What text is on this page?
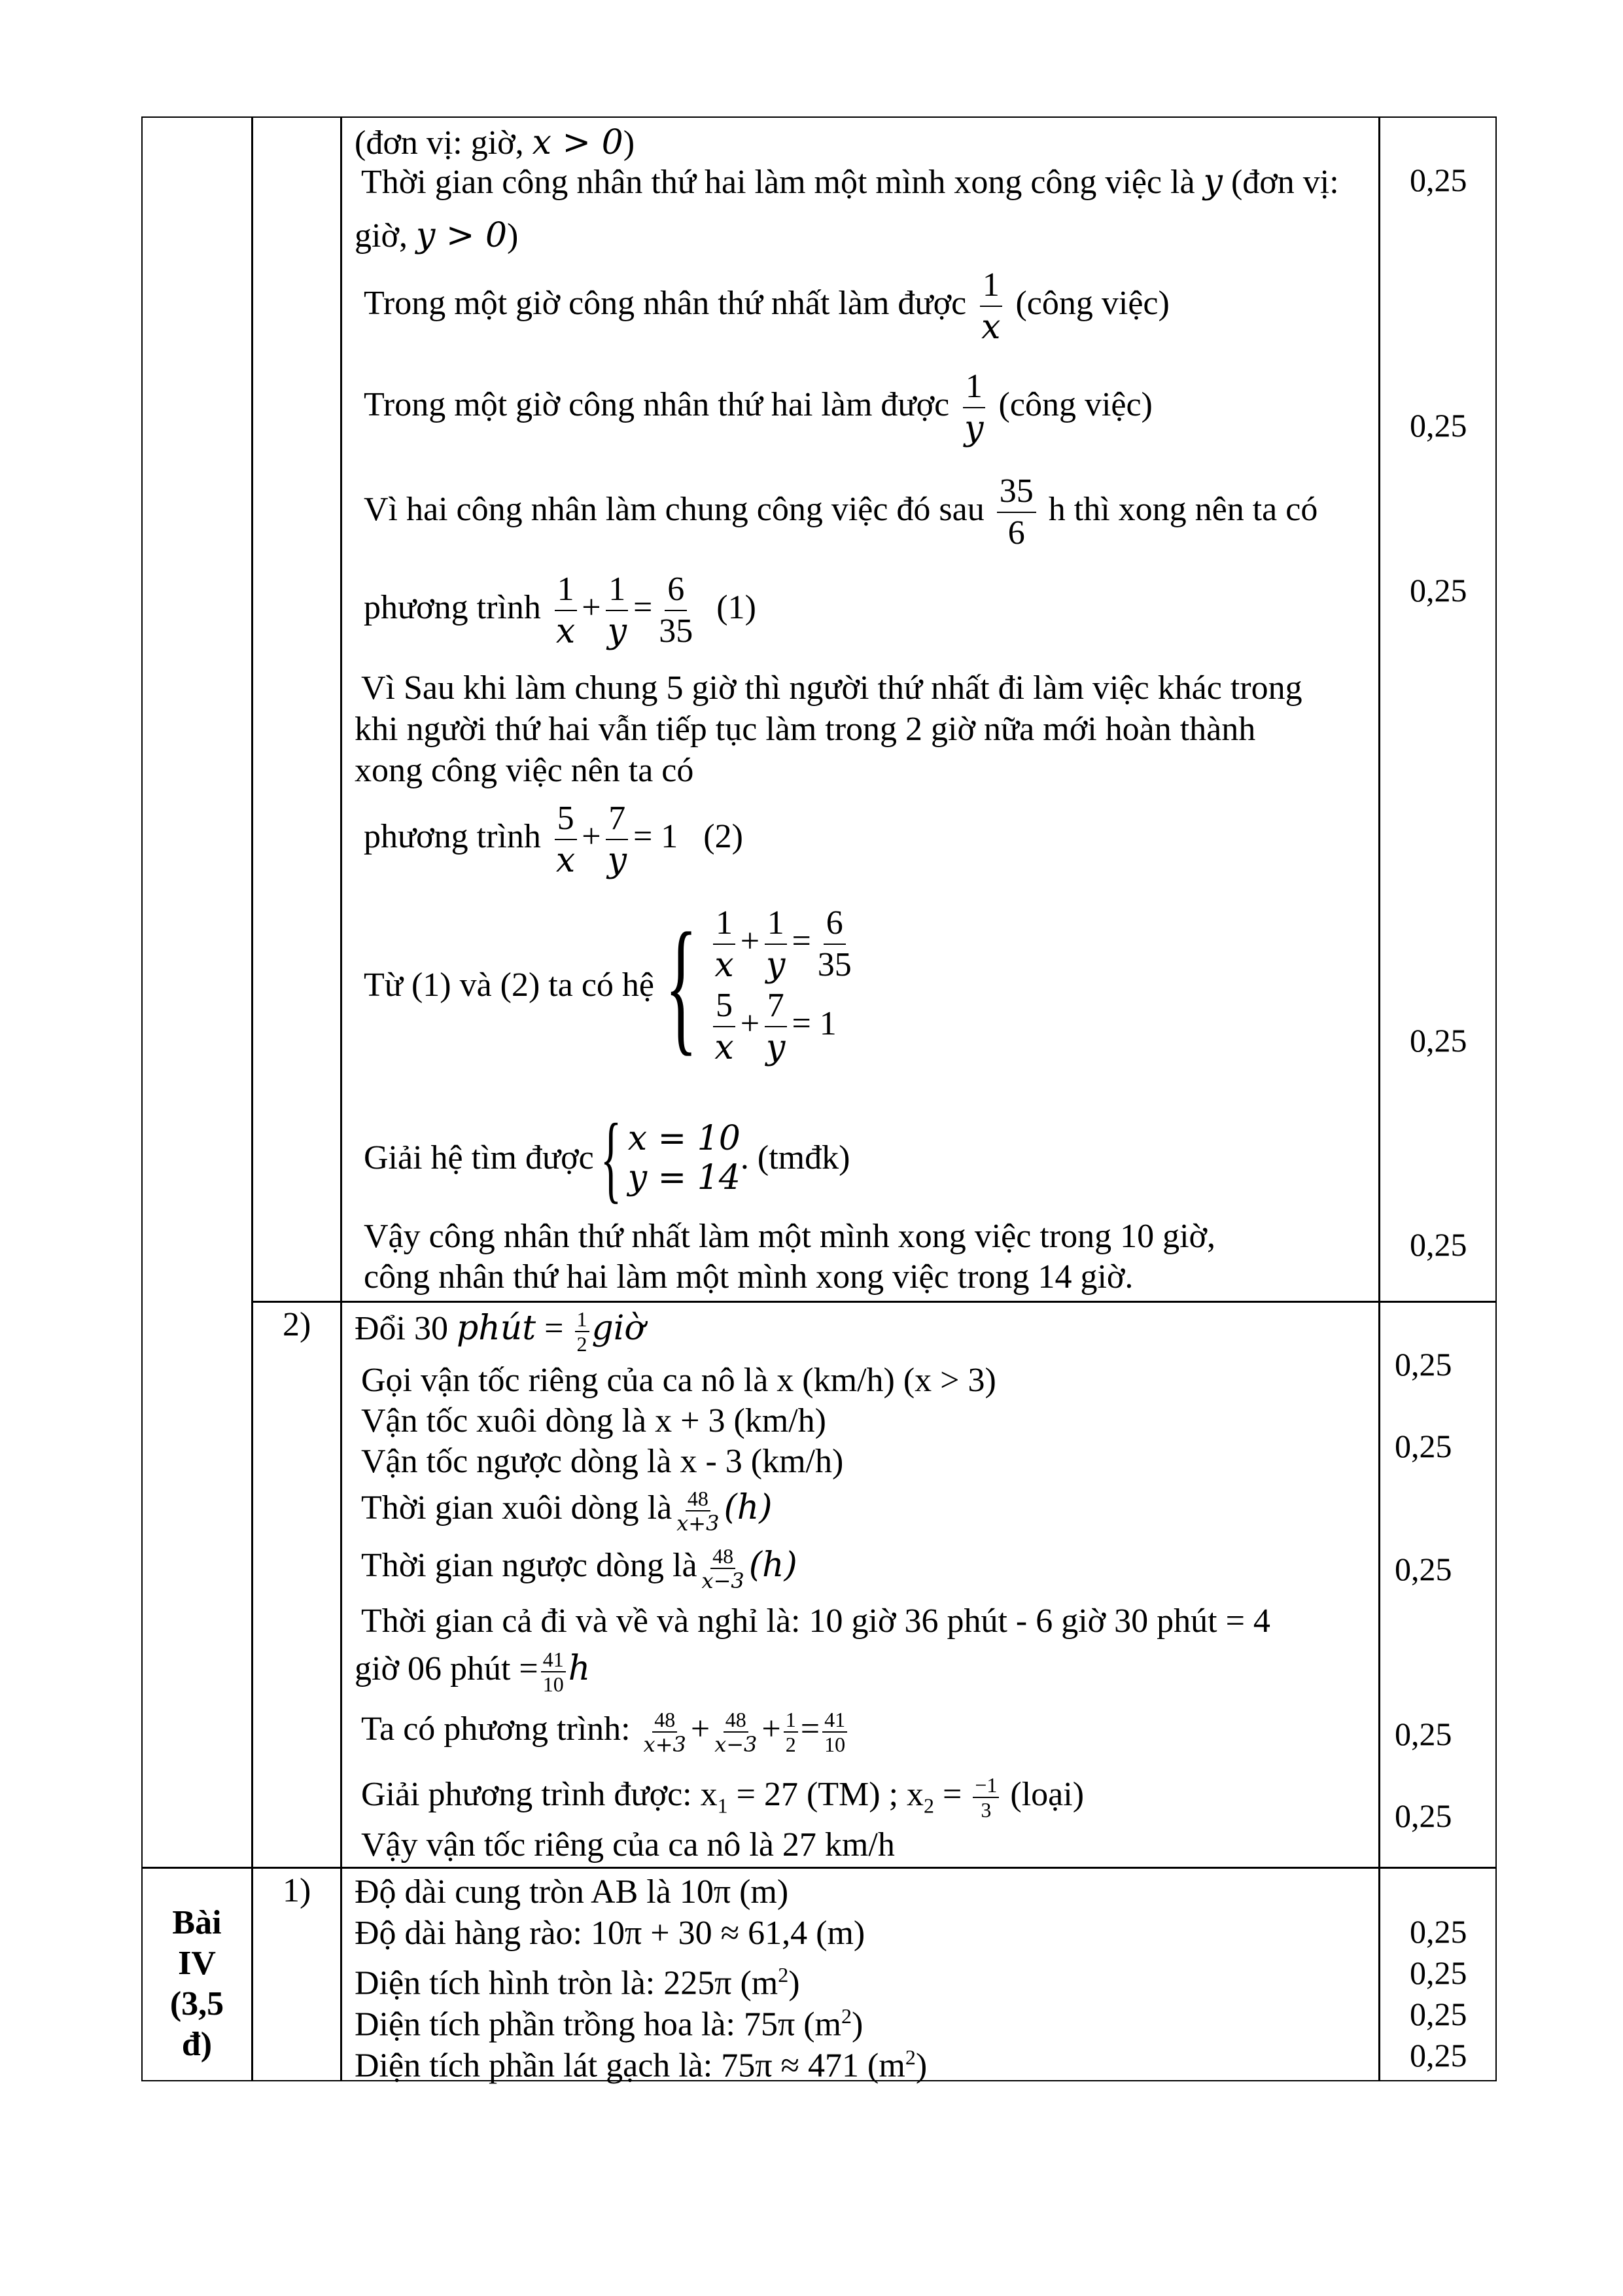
(đơn vị: giờ, x > 0)
Thời gian công nhân thứ hai làm một mình xong công việc là y (đơn vị:
giờ, y > 0)
Trong một giờ công nhân thứ nhất làm được $\frac{1}{x}$ (công việc)
Trong một giờ công nhân thứ hai làm được $\frac{1}{y}$ (công việc)
Vì hai công nhân làm chung công việc đó sau $\frac{35}{6}$ h thì xong nên ta có
phương trình $\frac{1}{x} + \frac{1}{y} = \frac{6}{35} (1)$
Vì Sau khi làm chung 5 giờ thì người thứ nhất đi làm việc khác trong
khi người thứ hai vẫn tiếp tục làm trong 2 giờ nữa mới hoàn thành
xong công việc nên ta có
phương trình $\frac{5}{x} + \frac{7}{y} = 1$ (2)
Từ (1) và (2) ta có hệ { $\frac{1}{x} + \frac{1}{y} = \frac{6}{35}$
$\frac{5}{x} + \frac{7}{y} = 1$
Giải hệ tìm được { x = 10
y = 14
. (tmđk)
Vậy công nhân thứ nhất làm một mình xong việc trong 10 giờ,
công nhân thứ hai làm một mình xong việc trong 14 giờ.
2) Đổi 30 phút = $\frac{1}{2}$ giờ
Gọi vận tốc riêng của ca nô là x (km/h) (x > 3)
Vận tốc xuôi dòng là x + 3 (km/h)
Vận tốc ngược dòng là x - 3 (km/h)
Thời gian xuôi dòng là $\frac{48}{x+3} (h)$
Thời gian ngược dòng là $\frac{48}{x-3} (h)$
Thời gian cả đi và về và nghỉ là: 10 giờ 36 phút - 6 giờ 30 phút = 4
giờ 06 phút = $\frac{41}{10}$ h
Ta có phương trình: $\frac{48}{x+3} + \frac{48}{x-3} + \frac{1}{2} = \frac{41}{10}$
Giải phương trình được: $x_1 = 27$ (TM) ; $x_2 = \frac{-1}{3}$ (loại)
Vậy vận tốc riêng của ca nô là 27 km/h
Bài
IV
(3,5
đ)
1) Độ dài cung tròn AB là 10π (m)
Độ dài hàng rào: 10π + 30 ≈ 61,4 (m)
Diện tích hình tròn là: 225π $(m^2)$
Diện tích phần trồng hoa là: 75π $(m^2)$
Diện tích phần lát gạch là: 75π ≈ 471 $(m^2)$
0,25
0,25
0,25
0,25
0,25
0,25
0,25
0,25
0,25
0,25
0,25
0,25
0,25
0,25
